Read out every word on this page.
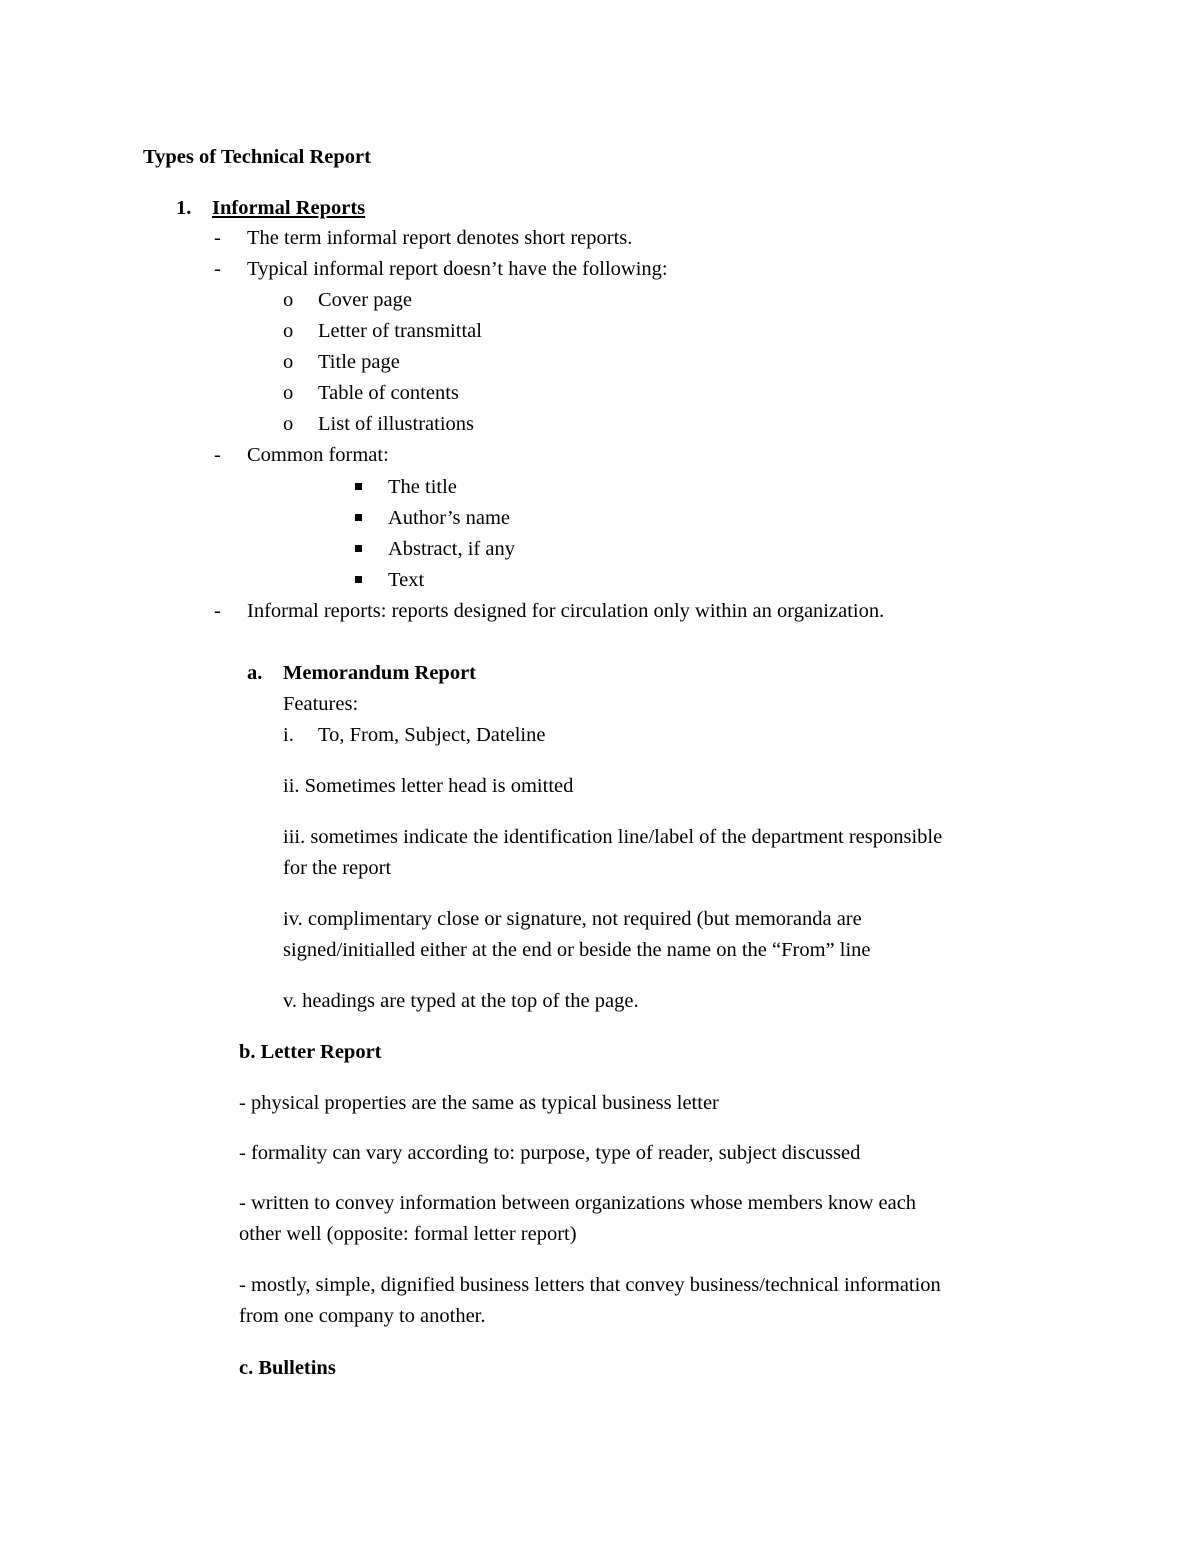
Types of Technical Report
1. Informal Reports
- The term informal report denotes short reports.
- Typical informal report doesn’t have the following:
o Cover page
o Letter of transmittal
o Title page
o Table of contents
o List of illustrations
- Common format:
The title
Author’s name
Abstract, if any
Text
- Informal reports: reports designed for circulation only within an organization.
a. Memorandum Report
Features:
i. To, From, Subject, Dateline
ii. Sometimes letter head is omitted
iii. sometimes indicate the identification line/label of the department responsible
for the report
iv. complimentary close or signature, not required (but memoranda are
signed/initialled either at the end or beside the name on the “From” line
v. headings are typed at the top of the page.
b. Letter Report
- physical properties are the same as typical business letter
- formality can vary according to: purpose, type of reader, subject discussed
- written to convey information between organizations whose members know each
other well (opposite: formal letter report)
- mostly, simple, dignified business letters that convey business/technical information
from one company to another.
c. Bulletins
